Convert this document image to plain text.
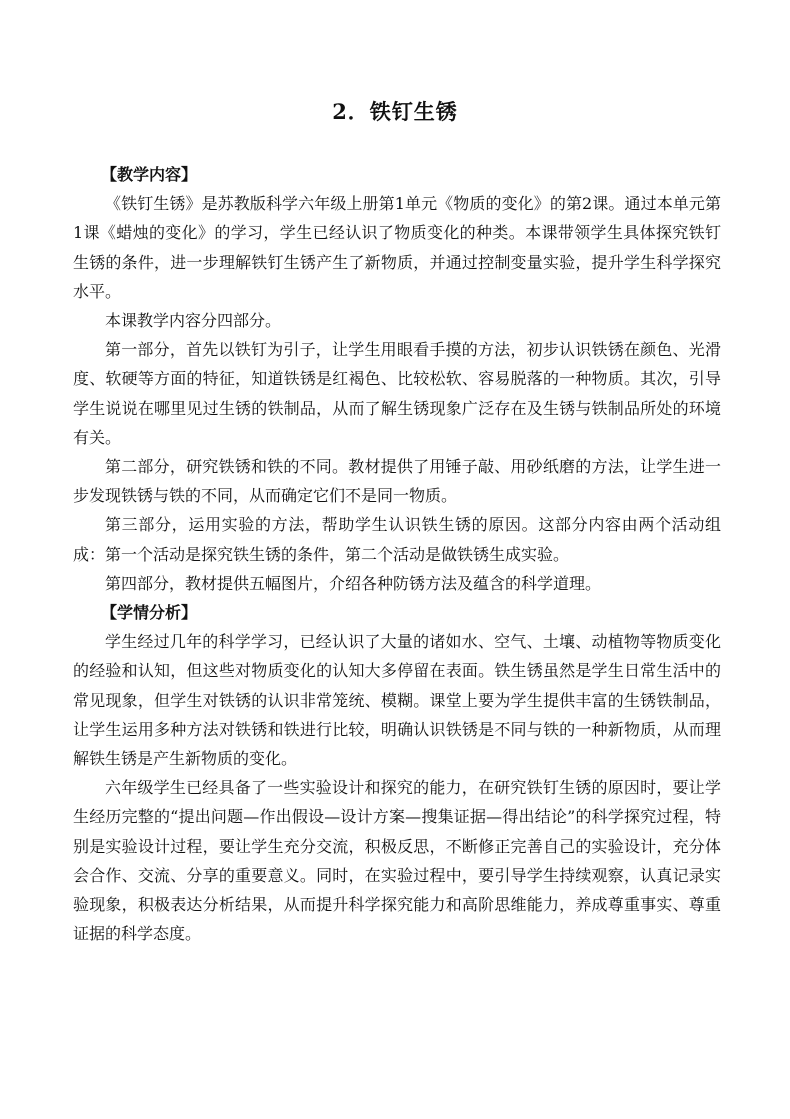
2．铁钉生锈

【教学内容】

《铁钉生锈》是苏教版科学六年级上册第1单元《物质的变化》的第2课。通过本单元第1课《蜡烛的变化》的学习，学生已经认识了物质变化的种类。本课带领学生具体探究铁钉生锈的条件，进一步理解铁钉生锈产生了新物质，并通过控制变量实验，提升学生科学探究水平。

本课教学内容分四部分。

第一部分，首先以铁钉为引子，让学生用眼看手摸的方法，初步认识铁锈在颜色、光滑度、软硬等方面的特征，知道铁锈是红褐色、比较松软、容易脱落的一种物质。其次，引导学生说说在哪里见过生锈的铁制品，从而了解生锈现象广泛存在及生锈与铁制品所处的环境有关。

第二部分，研究铁锈和铁的不同。教材提供了用锤子敲、用砂纸磨的方法，让学生进一步发现铁锈与铁的不同，从而确定它们不是同一物质。

第三部分，运用实验的方法，帮助学生认识铁生锈的原因。这部分内容由两个活动组成：第一个活动是探究铁生锈的条件，第二个活动是做铁锈生成实验。

第四部分，教材提供五幅图片，介绍各种防锈方法及蕴含的科学道理。

【学情分析】

学生经过几年的科学学习，已经认识了大量的诸如水、空气、土壤、动植物等物质变化的经验和认知，但这些对物质变化的认知大多停留在表面。铁生锈虽然是学生日常生活中的常见现象，但学生对铁锈的认识非常笼统、模糊。课堂上要为学生提供丰富的生锈铁制品，让学生运用多种方法对铁锈和铁进行比较，明确认识铁锈是不同与铁的一种新物质，从而理解铁生锈是产生新物质的变化。

六年级学生已经具备了一些实验设计和探究的能力，在研究铁钉生锈的原因时，要让学生经历完整的“提出问题—作出假设—设计方案—搜集证据—得出结论”的科学探究过程，特别是实验设计过程，要让学生充分交流，积极反思，不断修正完善自己的实验设计，充分体会合作、交流、分享的重要意义。同时，在实验过程中，要引导学生持续观察，认真记录实验现象，积极表达分析结果，从而提升科学探究能力和高阶思维能力，养成尊重事实、尊重证据的科学态度。
